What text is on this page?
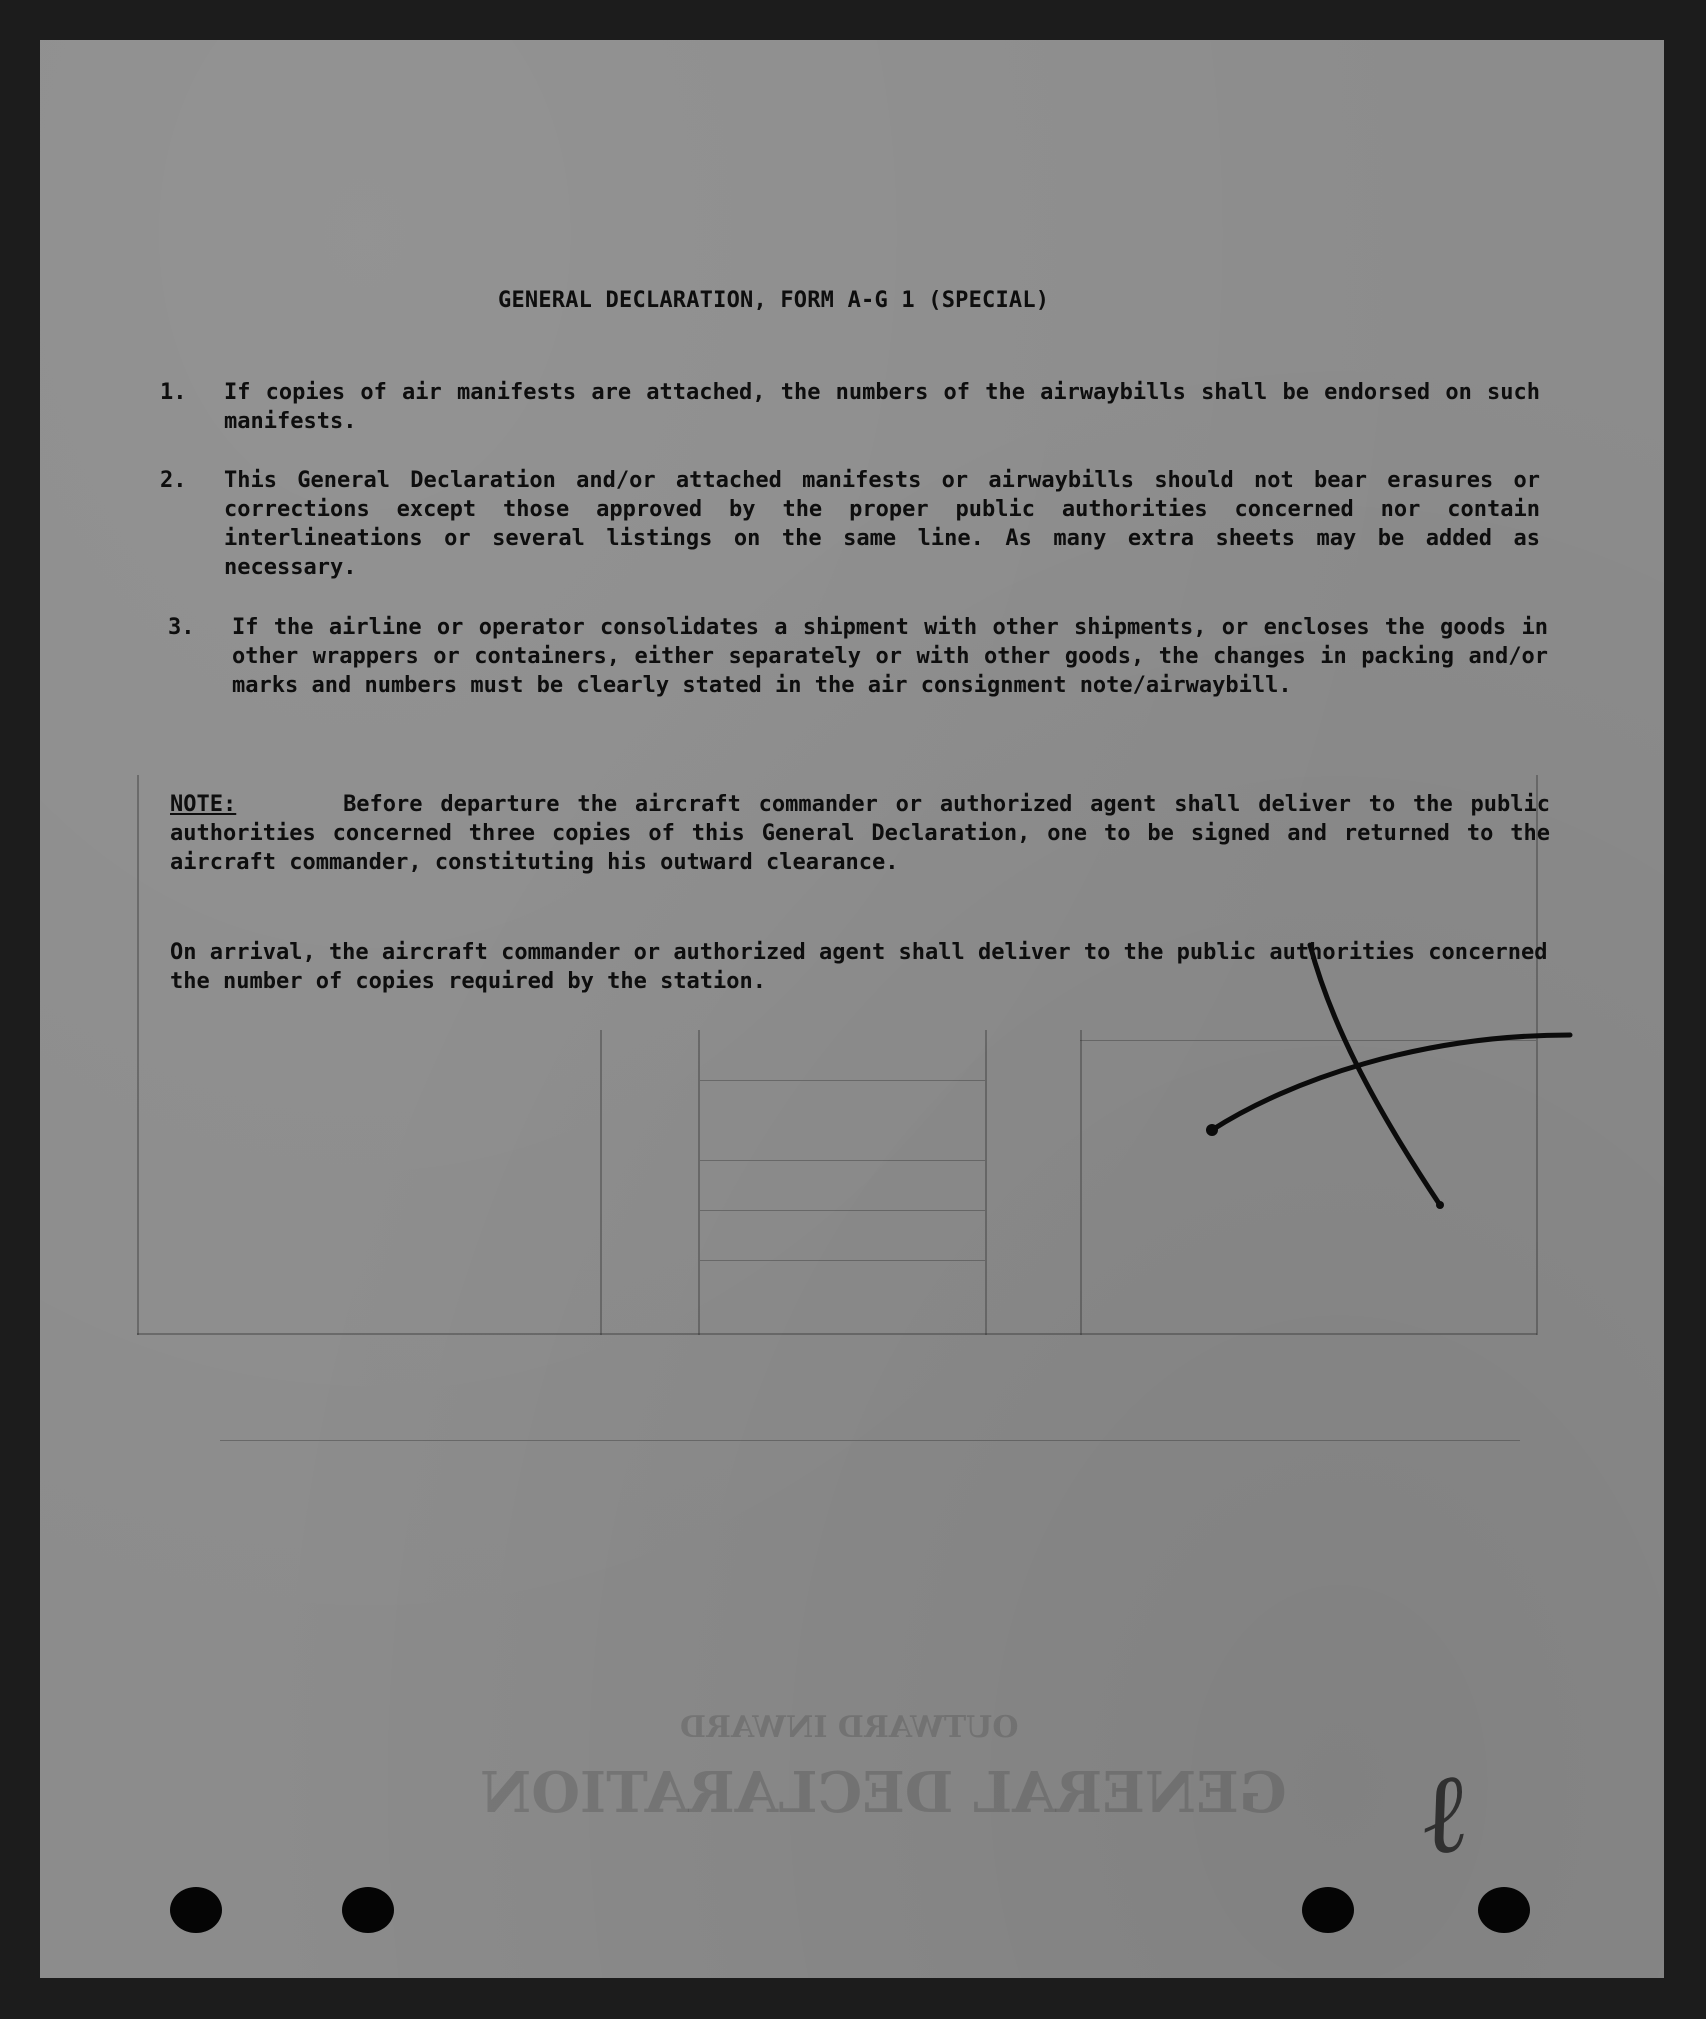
GENERAL DECLARATION
OUTWARD INWARD
GENERAL DECLARATION, FORM A-G 1 (SPECIAL)
1.	If copies of air manifests are attached, the numbers of the airwaybills shall be endorsed on such manifests.
2.	This General Declaration and/or attached manifests or airwaybills should not bear erasures or corrections except those approved by the proper public authorities concerned nor contain interlineations or several listings on the same line. As many extra sheets may be added as necessary.
3.	If the airline or operator consolidates a shipment with other shipments, or encloses the goods in other wrappers or containers, either separately or with other goods, the changes in packing and/or marks and numbers must be clearly stated in the air consignment note/airwaybill.
NOTE:	Before departure the aircraft commander or authorized agent shall deliver to the public authorities concerned three copies of this General Declaration, one to be signed and returned to the aircraft commander, constituting his outward clearance.
On arrival, the aircraft commander or authorized agent shall deliver to the public authorities concerned the number of copies required by the station.
ℓ
